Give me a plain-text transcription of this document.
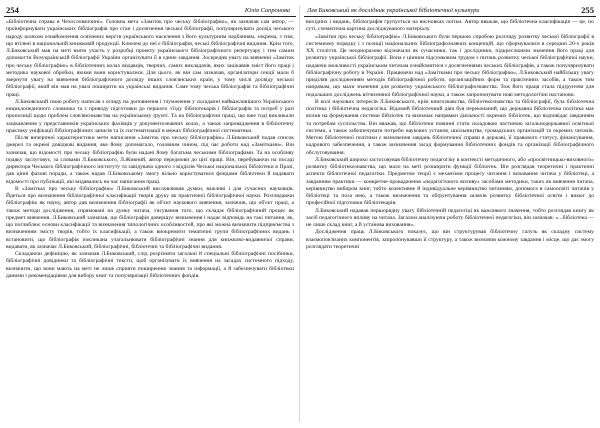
254	Юлія Сапронова

«Бібліотечна справа в Чехословаччині». Головна мета «Заміток про чеську бібліографію», як зазначав сам автор, — проінформувати українських бібліографів про стан і досягнення чеської бібліографії, популяризувати досвід чеського народу шляхом ознайомлення освічених верств українського населення з його культурним надбанням, зокрема, з тим, що втілені в національній книжковій продукції. Ключем до неї є бібліографія, чеські бібліографічні видання. Крім того, Л.Биковський мав на меті взяти участь у розробці проекту українського бібліографічного репертуару і тим самим допомогти Всеукраїнській бібліографії України організувати її в єдине завдання. Зосередив увагу на вивченні «Заміток про чеську бібліографію» в бібліотечних колах видавців, творчих, самих викладачів, яких зацікавив зміст його праці і методика наукової обробки, якими вони користувалися. Для цього, як він сам зазначав, організатори секції мали б звернути увагу на вивчення бібліографічного досвіду інших слов'янських країн, у тому числі досвіду чеської бібліографії, який він мав на увазі поширити на українські видання. Саме тому чеська бібліографія та бібліографічні праці.

Л.Биковський свою роботу написав з огляду на доповнення і тлумачення у складанні найважливішого Українського енциклопедичного словника та з приводу підготовки до першого з'їзду бібліотекарів і бібліографів та потреб у разі пропозиції щодо проблем слов'янознавства на українському ґрунті. Та на бібліографічні праці, що вже тоді викликали зацікавлення у представників українських фахівців у документознавчих колах, а також запровадження в бібліотечну практику уніфікації бібліографічних записів та їх систематизації в межах бібліографічної систематики.

Після вичерпної характеристики мети написання «Заміток про чеську бібліографію» Л.Биковський подав список джерел та окремі довідкові видання, яке йому допомагало, головним чином, під час роботи над «Замітками». Він зазначав, що відомості про чеську бібліографію були надані йому багатьма чеськими бібліографами. Та на особливу подяку заслуговує, за словами Л.Биковського, Л.Живний, автор передмови до цієї праці. Він, перебуваючи на посаді директора Чеського бібліографічного інституту та завідувача одного з відділів Чеської національної бібліотеки в Празі, дав цінні фахові поради, а також надав Л.Биковському змогу вільно користуватися фондами бібліотеки й надавати відомості про публікації, які видавались на час написання праці.

В «Замітках про чеську бібліографію» Л.Биковський висловлював думки, важливі і для сучасних науковців. Йдеться про визначення бібліографічної класифікації творів друку як практичної бібліографічної науки. Розглядаючи бібліографію як науку, автор дав визначення бібліографії як об'єкт наукового вивчення, зазначив, що об'єкт праці, а також методи дослідження, спрямовані на думку читача, з'ясування того, що складає бібліографічний процес як предмет вивчення. Л.Биковський зазначав, що бібліографія довершує визначення і надає відповідь на такі питання, як, що поглиблює основи класифікації та визначення типологічних особливостей, про які можна визначити підприємства з визначенням змісту творів, тобто їх класифікації, а також виокремити тематичні групи бібліографічних видань і встановити, що бібліографія покликана узагальнювати бібліографічні знання для книжково-видавничої справи, видавати, як зазначає Л.Биковський, бібліографічні, бібліотечні та бібліографічні видання.

Складаючи дефініцію, як зазначав Л.Биковський, слід розрізняти загальні й спеціальні бібліографічні посібники, бібліографічні довідники та бібліографічні тексти, щоб організувати їх вивчення на засадах системного підходу, визначити, що вони мають на меті не лише сприяти поширенню знання та інформації, а й забезпечувати бібліотеки даними і рекомендаціями для вибору книг та популяризації бібліотечних фондів.

Лев Биковський як дослідник української бібліотечної культури	255

вихідних і видань, бібліографія групується на висновках логіки. Автор вважав, що бібліотечна класифікація — це, по суті, схематична картина досліджуваного матеріалу.

«Замітки про чеську бібліографію» Л.Биковського були першою спробою розгляду розвитку чеської бібліографії в системному порядку і з позиції національних бібліографознавчих концепцій, що сформувалися в середині 20-х років ХХ століття. Це неодноразово відзначали як сучасники, так і дослідники, підкреслюючи значення його праці для розвитку української бібліографії. Вона є цінним підсумковим трудом з питань розвитку чеської бібліографічної науки, надаючи можливості українським читачам ознайомитися з досягненнями чеських бібліографів, а також популяризувати бібліографічну роботу в Україні. Працюючи над «Замітками про чеську бібліографію», Л.Биковський найбільшу увагу приділяв дослідженням методів бібліографічної роботи, організаційних форм та практичних засобів, а також тим напрямам, що мали значення для розвитку українського бібліографознавства. Тож його праця стала підґрунтям для подальших досліджень вітчизняної бібліографічної науки, а також запропонувати нові методологічні настанови.

В колі наукових інтересів Л.Биковського, крім книгознавства, бібліотекознавства та бібліографії, була бібліотечна політика і бібліотечна педагогіка. Відомий бібліотечний діяч був переконаний, що державна бібліотечна політика має вплив на формування системи бібліотек та визначає напрямки діяльності окремих бібліотек, що відповідає завданням та потребам суспільства. Він вважав, що бібліотеки повинні стати складовою частиною загальнодержавної освітньої системи, а також забезпечувати потреби наукових установ, шкільництва, громадських організацій та окремих читачів. Метою бібліотечної політики є визначення завдань бібліотечної справи в державі, її правового статусу, фінансування, кадрового забезпечення, а також визначення засад формування бібліотечних фондів та організації бібліографічного обслуговування.

Л.Биковський широко застосовував бібліотечну педагогіку в контексті методичного, або «просвітницько-виховного» розвитку бібліотекознавства, що мало на меті розширити функції бібліотек. Він розглядав теоретичні і практичні аспекти бібліотечної педагогіки. Предметом теорії є механізми процесу читання і виховання читача у бібліотеці, а завданням практики — конкретне провадження «педагогічного впливу» засобами методики, таких як вивчення читача, керівництво вибором книг, тобто колективне й індивідуальне керівництво читанням, допомога в самоосвіті читачів у бібліотеці та поза нею, а також визначення та обґрунтування шляхів розвитку бібліотечної освіти і вимог до професійної підготовки бібліотекарів.

Л.Биковський надавав першорядну увагу бібліотечній педагогіці як важливого значення, тобто розглядав книгу як засіб педагогічного впливу на читача. Загалом аналізуючи роботу бібліотечної педагогіки, він зазначав: «...бібліотека — не лише склад книг, а й установа виховання».

Дослідження праць Л.Биковського показує, що він структурував бібліотечну галузь як складну систему взаємопов'язаних компонентів, запропонувавши її структуру, а також визначив кожному завдання і місце, що дає змогу розглядати теоретичні
